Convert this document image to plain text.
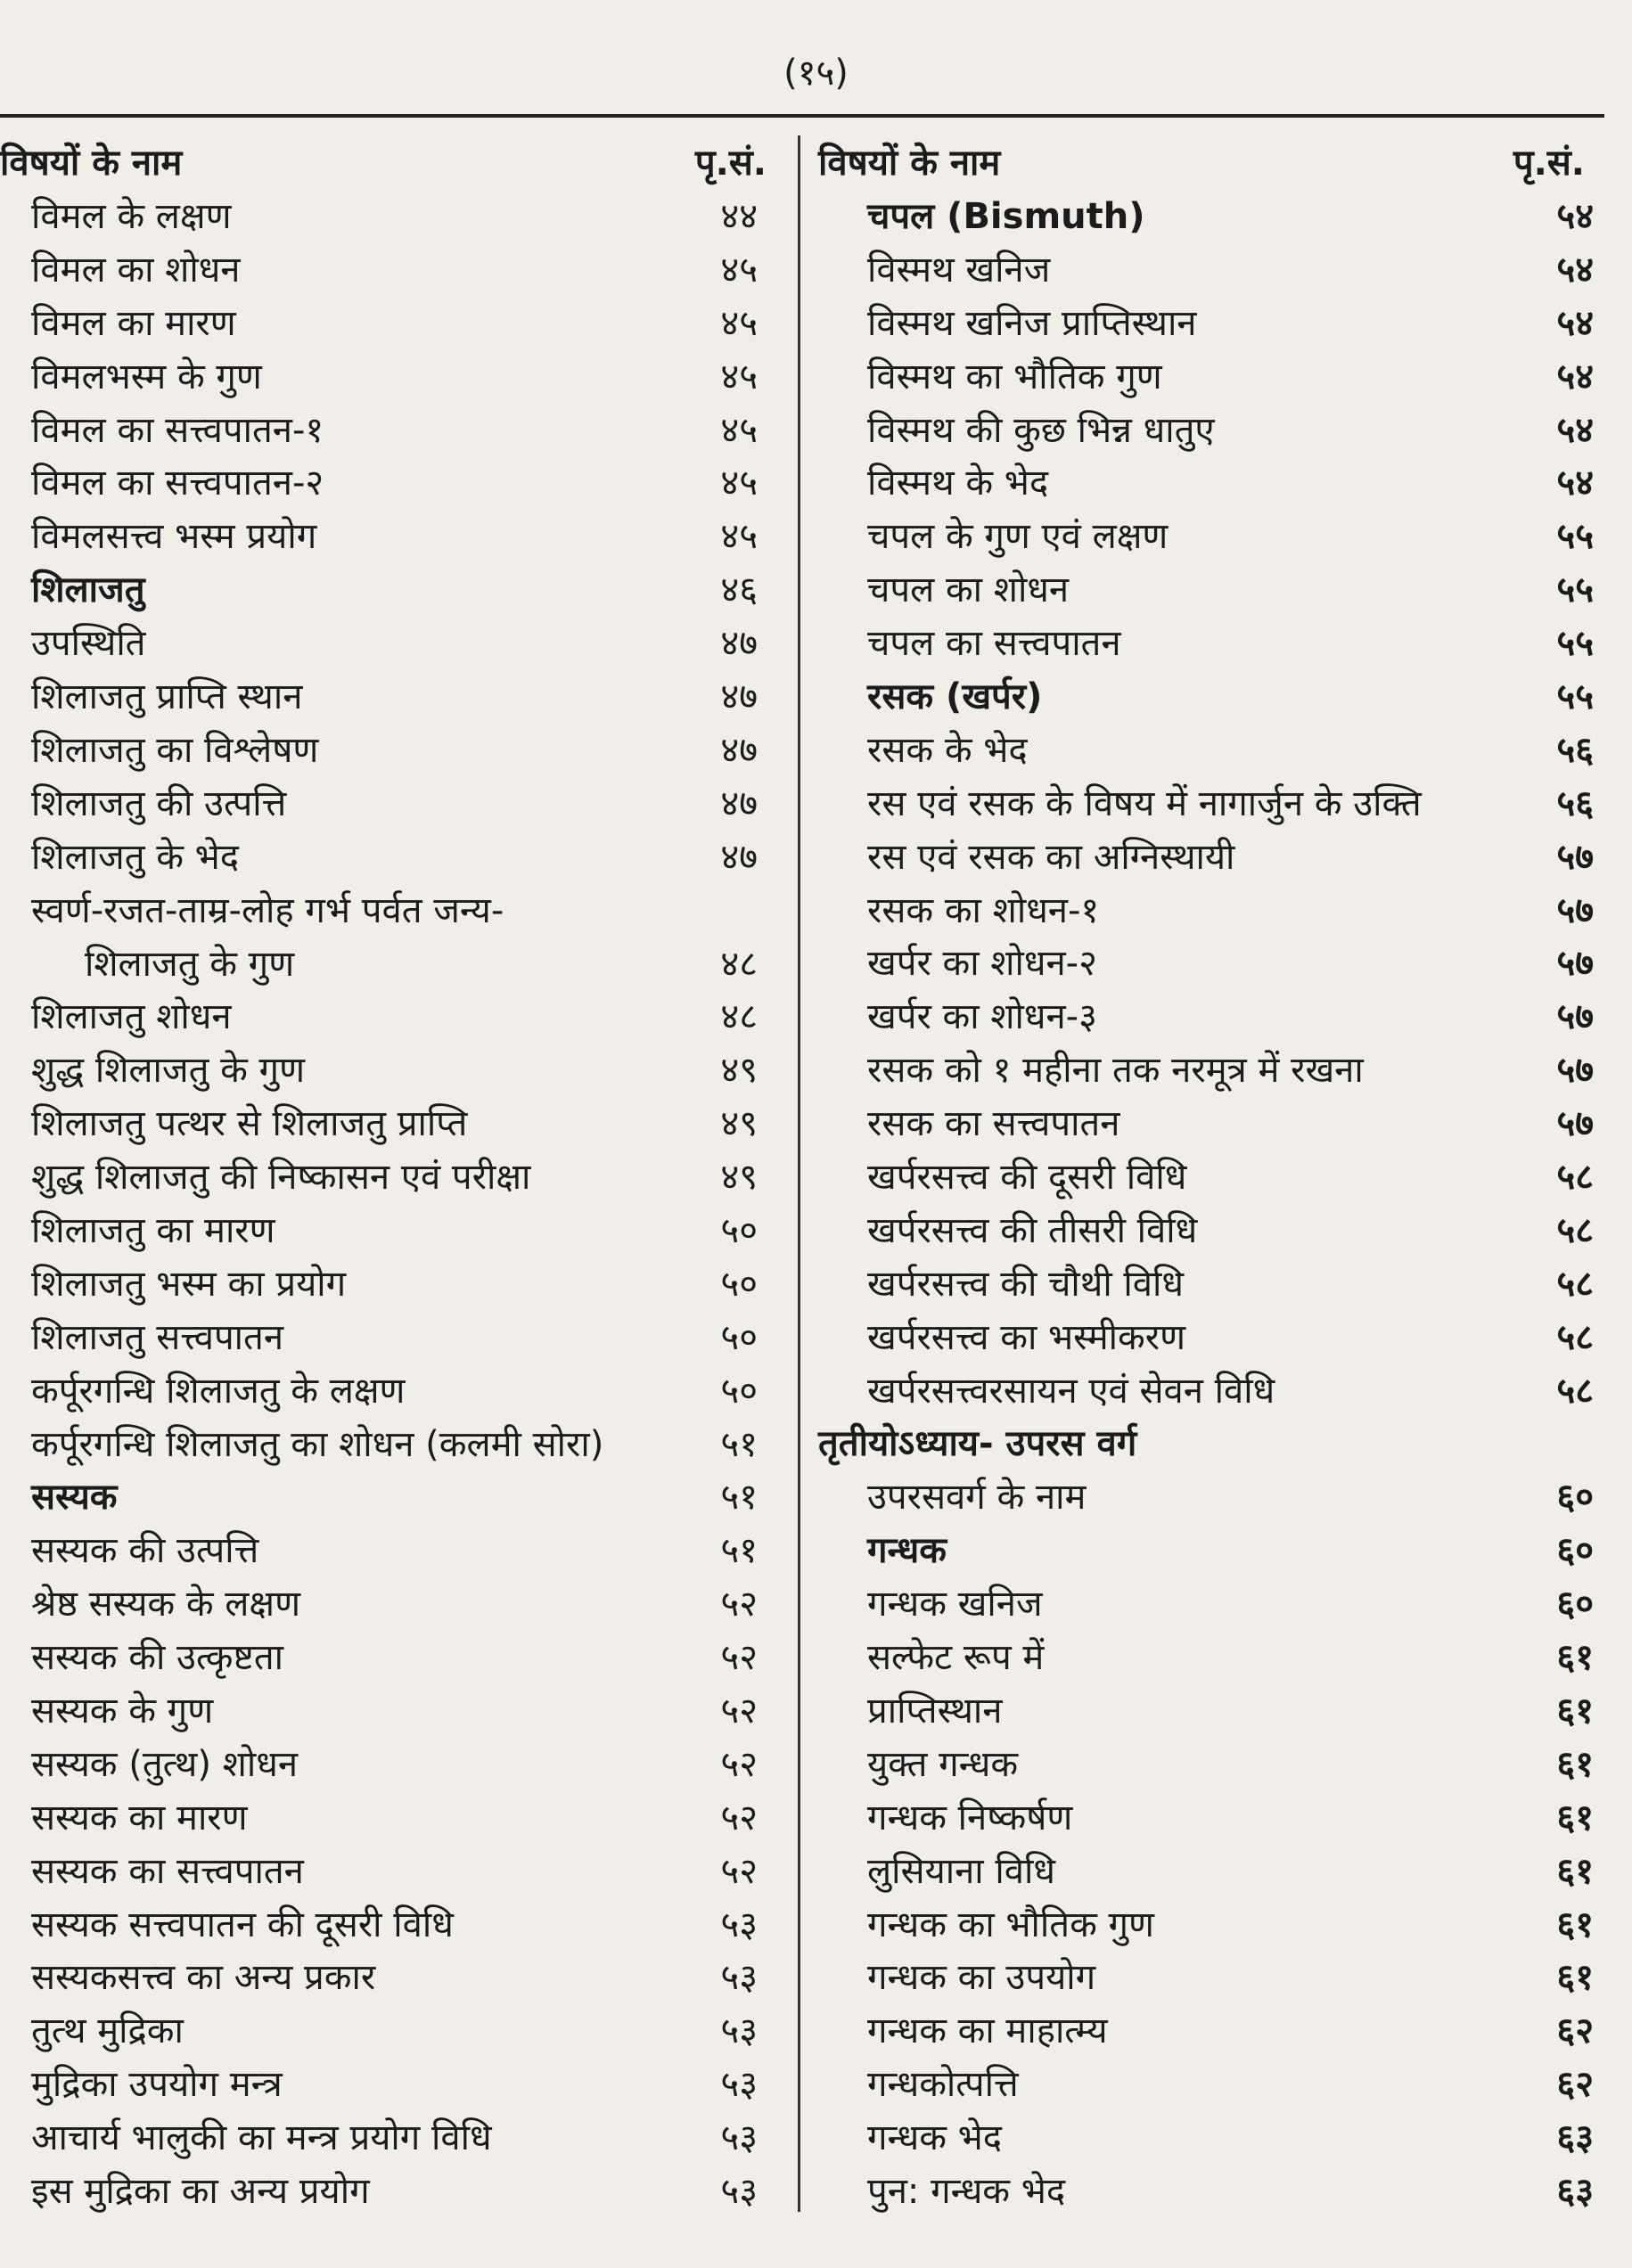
(१५)
विषयों के नाम	पृ.सं.
विमल के लक्षण	४४
विमल का शोधन	४५
विमल का मारण	४५
विमलभस्म के गुण	४५
विमल का सत्त्वपातन-१	४५
विमल का सत्त्वपातन-२	४५
विमलसत्त्व भस्म प्रयोग	४५
शिलाजतु	४६
उपस्थिति	४७
शिलाजतु प्राप्ति स्थान	४७
शिलाजतु का विश्लेषण	४७
शिलाजतु की उत्पत्ति	४७
शिलाजतु के भेद	४७
स्वर्ण-रजत-ताम्र-लोह गर्भ पर्वत जन्य-
शिलाजतु के गुण	४८
शिलाजतु शोधन	४८
शुद्ध शिलाजतु के गुण	४९
शिलाजतु पत्थर से शिलाजतु प्राप्ति	४९
शुद्ध शिलाजतु की निष्कासन एवं परीक्षा	४९
शिलाजतु का मारण	५०
शिलाजतु भस्म का प्रयोग	५०
शिलाजतु सत्त्वपातन	५०
कर्पूरगन्धि शिलाजतु के लक्षण	५०
कर्पूरगन्धि शिलाजतु का शोधन (कलमी सोरा)	५१
सस्यक	५१
सस्यक की उत्पत्ति	५१
श्रेष्ठ सस्यक के लक्षण	५२
सस्यक की उत्कृष्टता	५२
सस्यक के गुण	५२
सस्यक (तुत्थ) शोधन	५२
सस्यक का मारण	५२
सस्यक का सत्त्वपातन	५२
सस्यक सत्त्वपातन की दूसरी विधि	५३
सस्यकसत्त्व का अन्य प्रकार	५३
तुत्थ मुद्रिका	५३
मुद्रिका उपयोग मन्त्र	५३
आचार्य भालुकी का मन्त्र प्रयोग विधि	५३
इस मुद्रिका का अन्य प्रयोग	५३
विषयों के नाम	पृ.सं.
चपल (Bismuth)	५४
विस्मथ खनिज	५४
विस्मथ खनिज प्राप्तिस्थान	५४
विस्मथ का भौतिक गुण	५४
विस्मथ की कुछ भिन्न धातुए	५४
विस्मथ के भेद	५४
चपल के गुण एवं लक्षण	५५
चपल का शोधन	५५
चपल का सत्त्वपातन	५५
रसक (खर्पर)	५५
रसक के भेद	५६
रस एवं रसक के विषय में नागार्जुन के उक्ति	५६
रस एवं रसक का अग्निस्थायी	५७
रसक का शोधन-१	५७
खर्पर का शोधन-२	५७
खर्पर का शोधन-३	५७
रसक को १ महीना तक नरमूत्र में रखना	५७
रसक का सत्त्वपातन	५७
खर्परसत्त्व की दूसरी विधि	५८
खर्परसत्त्व की तीसरी विधि	५८
खर्परसत्त्व की चौथी विधि	५८
खर्परसत्त्व का भस्मीकरण	५८
खर्परसत्त्वरसायन एवं सेवन विधि	५८
तृतीयोऽध्याय- उपरस वर्ग
उपरसवर्ग के नाम	६०
गन्धक	६०
गन्धक खनिज	६०
सल्फेट रूप में	६१
प्राप्तिस्थान	६१
युक्त गन्धक	६१
गन्धक निष्कर्षण	६१
लुसियाना विधि	६१
गन्धक का भौतिक गुण	६१
गन्धक का उपयोग	६१
गन्धक का माहात्म्य	६२
गन्धकोत्पत्ति	६२
गन्धक भेद	६३
पुन: गन्धक भेद	६३
